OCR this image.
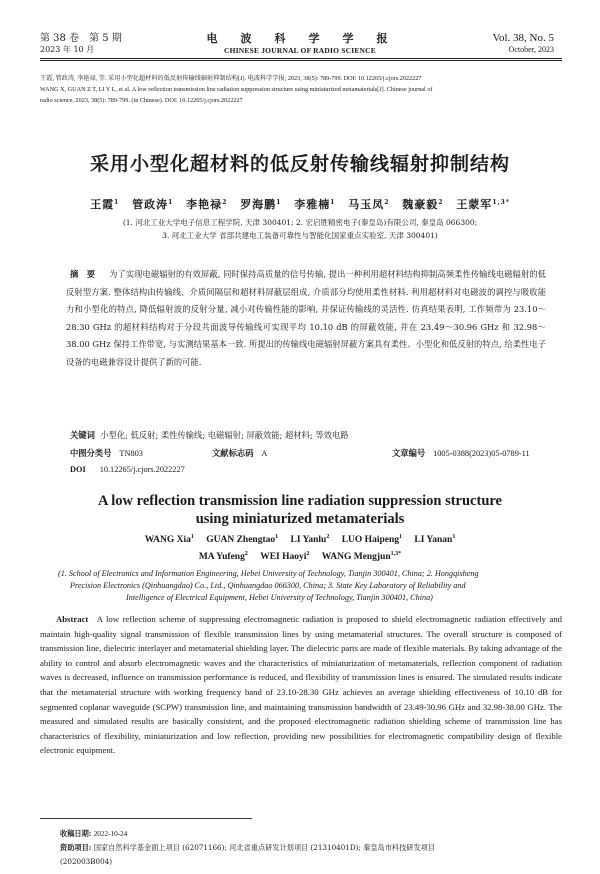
第 38 卷　第 5 期
2023 年 10 月
电　波　科　学　学　报
CHINESE JOURNAL OF RADIO SCIENCE
Vol. 38, No. 5
October, 2023
王霞, 管政涛, 李艳禄, 等. 采用小型化超材料的低反射传输线辐射抑制结构[J]. 电波科学学报, 2023, 38(5): 789-799. DOI: 10.12265/j.cjors.2022227
WANG X, GUAN Z T, LI Y L, et al. A low reflection transmission line radiation suppression structure using miniaturized metamaterials[J]. Chinese journal of
radio science, 2023, 38(5): 789-799. (in Chinese). DOI: 10.12265/j.cjors.2022227
采用小型化超材料的低反射传输线辐射抑制结构
王霞$^1$ 管政涛$^1$ 李艳禄$^2$ 罗海鹏$^1$ 李雅楠$^1$ 马玉凤$^2$ 魏豪毅$^2$ 王蒙军$^{1,3*}$
(1. 河北工业大学电子信息工程学院, 天津 300401; 2. 宏启胜精密电子(秦皇岛)有限公司, 秦皇岛 066300;
3. 河北工业大学 省部共建电工装备可靠性与智能化国家重点实验室, 天津 300401)
摘　要 为了实现电磁辐射的有效屏蔽, 同时保持高质量的信号传输, 提出一种利用超材料结构抑制高频柔性传输线电磁辐射的低反射型方案. 整体结构由传输线、介质间隔层和超材料屏蔽层组成, 介质部分均使用柔性材料. 利用超材料对电磁波的调控与吸收能力和小型化的特点, 降低辐射波的反射分量, 减小对传输性能的影响, 并保证传输线的灵活性. 仿真结果表明, 工作频带为 23.10～28.30 GHz 的超材料结构对于分段共面波导传输线可实现平均 10.10 dB 的屏蔽效能, 并在 23.49～30.96 GHz 和 32.98～38.00 GHz 保持工作带宽, 与实测结果基本一致. 所提出的传输线电磁辐射屏蔽方案具有柔性、小型化和低反射的特点, 给柔性电子设备的电磁兼容设计提供了新的可能.
关键词 小型化; 低反射; 柔性传输线; 电磁辐射; 屏蔽效能; 超材料; 等效电路
中图分类号 TN803	文献标志码 A	文章编号 1005-0388(2023)05-0789-11
DOI 10.12265/j.cjors.2022227
A low reflection transmission line radiation suppression structure
using miniaturized metamaterials
WANG Xia$^1$ GUAN Zhengtao$^1$ LI Yanlu$^2$ LUO Haipeng$^1$ LI Yanan$^1$
MA Yufeng$^2$ WEI Haoyi$^2$ WANG Mengjun$^{1,3*}$
(1. School of Electronics and Information Engineering, Hebei University of Technology, Tianjin 300401, China; 2. Hongqisheng
Precision Electronics (Qinhuangdao) Co., Ltd., Qinhuangdao 066300, China; 3. State Key Laboratory of Reliability and
Intelligence of Electrical Equipment, Hebei University of Technology, Tianjin 300401, China)
Abstract A low reflection scheme of suppressing electromagnetic radiation is proposed to shield electromagnetic radiation effectively and maintain high-quality signal transmission of flexible transmission lines by using metamaterial structures. The overall structure is composed of transmission line, dielectric interlayer and metamaterial shielding layer. The dielectric parts are made of flexible materials. By taking advantage of the ability to control and absorb electromagnetic waves and the characteristics of miniaturization of metamaterials, reflection component of radiation waves is decreased, influence on transmission performance is reduced, and flexibility of transmission lines is ensured. The simulated results indicate that the metamaterial structure with working frequency band of 23.10-28.30 GHz achieves an average shielding effectiveness of 10.10 dB for segmented coplanar waveguide (SCPW) transmission line, and maintaining transmission bandwidth of 23.49-30.96 GHz and 32.98-38.00 GHz. The measured and simulated results are basically consistent, and the proposed electromagnetic radiation shielding scheme of transmission line has characteristics of flexibility, miniaturization and low reflection, providing new possibilities for electromagnetic compatibility design of flexible electronic equipment.
收稿日期: 2022-10-24
资助项目: 国家自然科学基金面上项目 (62071166); 河北省重点研发计划项目 (21310401D); 秦皇岛市科技研发项目
(202003B004)
